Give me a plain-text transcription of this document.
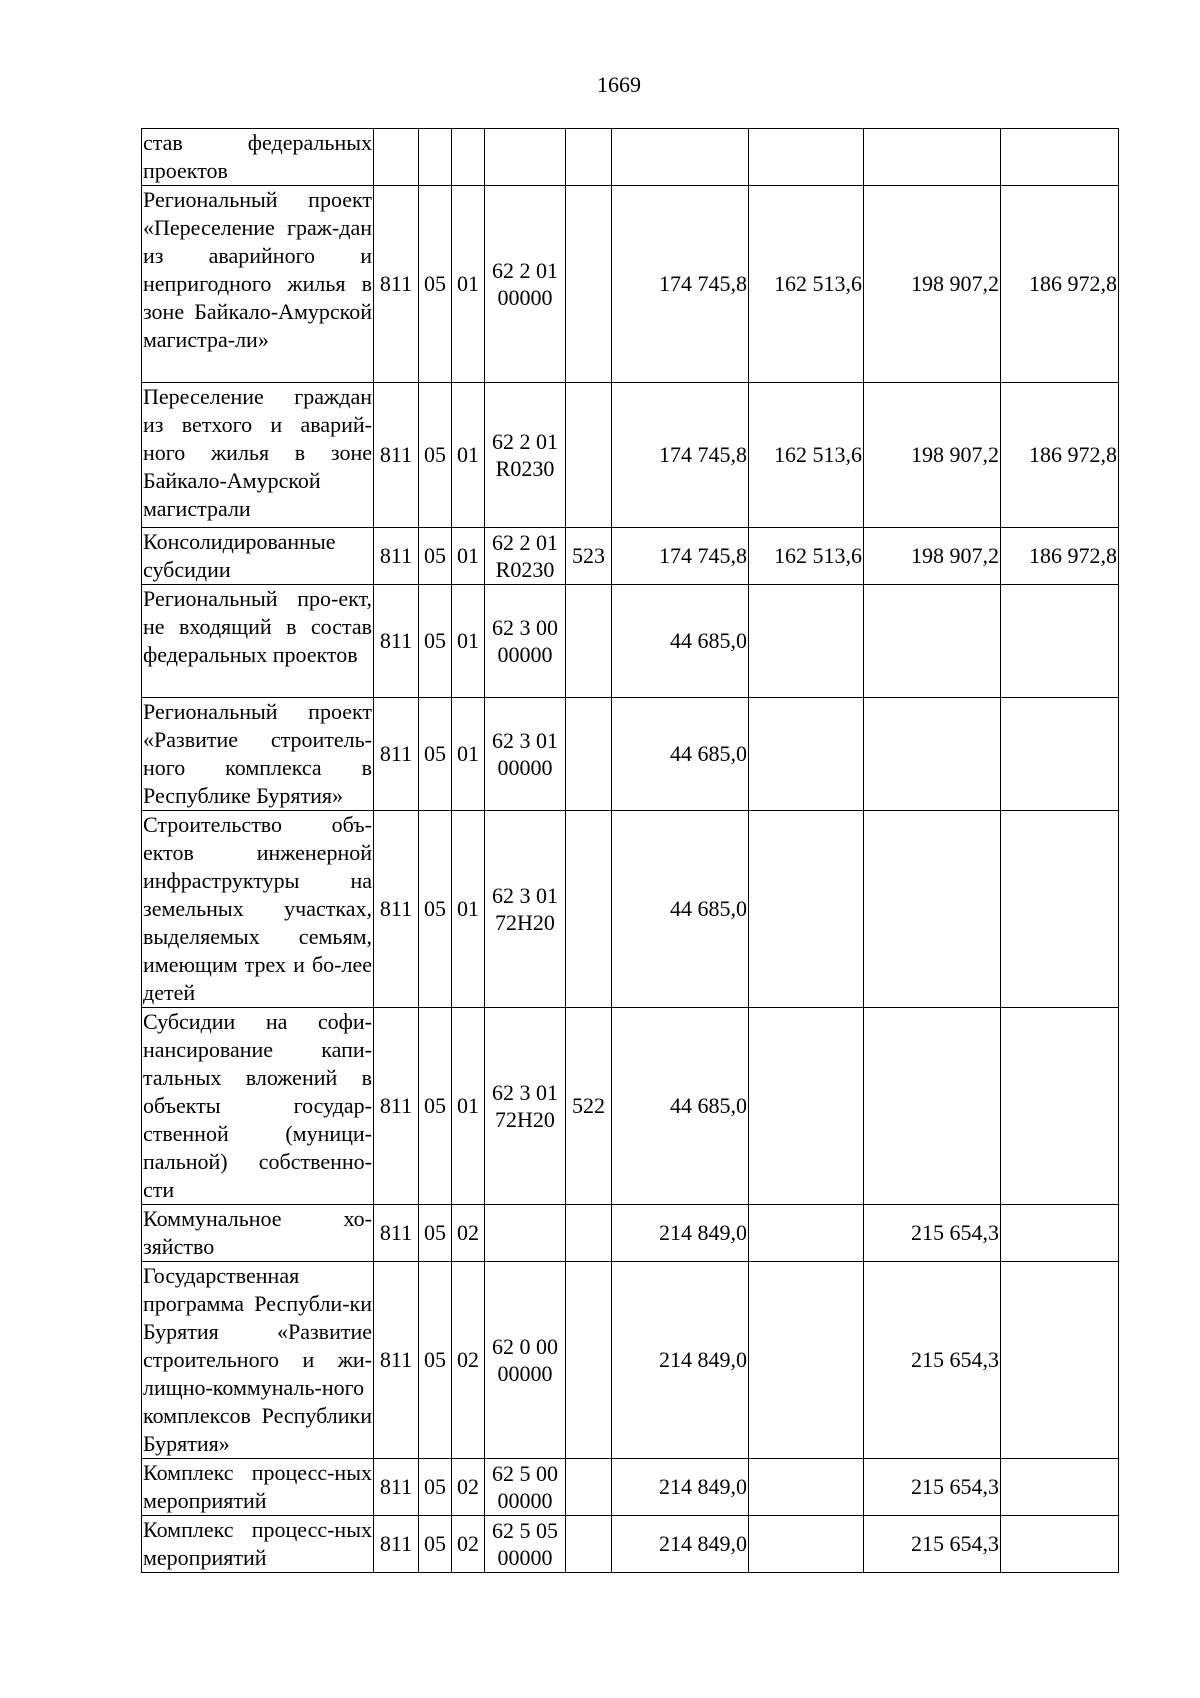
1669
став федеральных проектов									

Региональный проект «Переселение граж-дан из аварийного и непригодного жилья в зоне Байкало-Амурской магистра-ли»	811	05	01	62 2 01 00000		174 745,8	162 513,6	198 907,2	186 972,8

Переселение граждан из ветхого и аварий-ного жилья в зоне Байкало-Амурской магистрали	811	05	01	62 2 01 R0230		174 745,8	162 513,6	198 907,2	186 972,8

Консолидированные субсидии	811	05	01	62 2 01 R0230	523	174 745,8	162 513,6	198 907,2	186 972,8

Региональный про-ект, не входящий в состав федеральных проектов	811	05	01	62 3 00 00000		44 685,0			

Региональный проект «Развитие строитель-ного комплекса в Республике Бурятия»	811	05	01	62 3 01 00000		44 685,0			

Строительство объ-ектов инженерной инфраструктуры на земельных участках, выделяемых семьям, имеющим трех и бо-лее детей	811	05	01	62 3 01 72Н20		44 685,0			

Субсидии на софи-нансирование капи-тальных вложений в объекты государ-ственной (муници-пальной) собственно-сти	811	05	01	62 3 01 72Н20	522	44 685,0			

Коммунальное хо-зяйство	811	05	02			214 849,0		215 654,3	

Государственная программа Республи-ки Бурятия «Развитие строительного и жи-лищно-коммуналь-ного комплексов Республики Бурятия»	811	05	02	62 0 00 00000		214 849,0		215 654,3	

Комплекс процесс-ных мероприятий	811	05	02	62 5 00 00000		214 849,0		215 654,3	

Комплекс процесс-ных мероприятий	811	05	02	62 5 05 00000		214 849,0		215 654,3	
